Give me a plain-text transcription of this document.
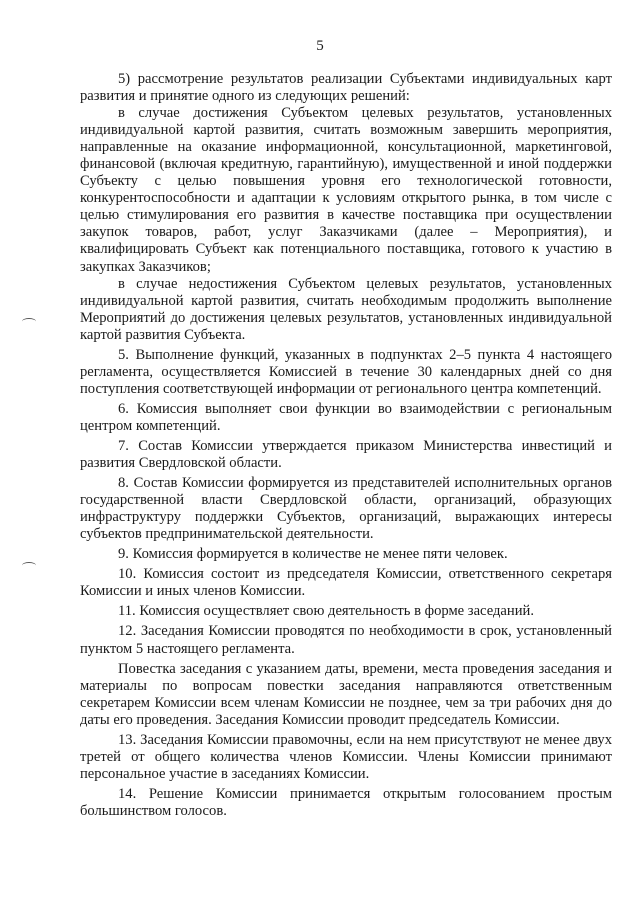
5

5) рассмотрение результатов реализации Субъектами индивидуальных карт развития и принятие одного из следующих решений:

в случае достижения Субъектом целевых результатов, установленных индивидуальной картой развития, считать возможным завершить мероприятия, направленные на оказание информационной, консультационной, маркетинговой, финансовой (включая кредитную, гарантийную), имущественной и иной поддержки Субъекту с целью повышения уровня его технологической готовности, конкурентоспособности и адаптации к условиям открытого рынка, в том числе с целью стимулирования его развития в качестве поставщика при осуществлении закупок товаров, работ, услуг Заказчиками (далее – Мероприятия), и квалифицировать Субъект как потенциального поставщика, готового к участию в закупках Заказчиков;

в случае недостижения Субъектом целевых результатов, установленных индивидуальной картой развития, считать необходимым продолжить выполнение Мероприятий до достижения целевых результатов, установленных индивидуальной картой развития Субъекта.

5. Выполнение функций, указанных в подпунктах 2–5 пункта 4 настоящего регламента, осуществляется Комиссией в течение 30 календарных дней со дня поступления соответствующей информации от регионального центра компетенций.

6. Комиссия выполняет свои функции во взаимодействии с региональным центром компетенций.

7. Состав Комиссии утверждается приказом Министерства инвестиций и развития Свердловской области.

8. Состав Комиссии формируется из представителей исполнительных органов государственной власти Свердловской области, организаций, образующих инфраструктуру поддержки Субъектов, организаций, выражающих интересы субъектов предпринимательской деятельности.

9. Комиссия формируется в количестве не менее пяти человек.

10. Комиссия состоит из председателя Комиссии, ответственного секретаря Комиссии и иных членов Комиссии.

11. Комиссия осуществляет свою деятельность в форме заседаний.

12. Заседания Комиссии проводятся по необходимости в срок, установленный пунктом 5 настоящего регламента.

Повестка заседания с указанием даты, времени, места проведения заседания и материалы по вопросам повестки заседания направляются ответственным секретарем Комиссии всем членам Комиссии не позднее, чем за три рабочих дня до даты его проведения. Заседания Комиссии проводит председатель Комиссии.

13. Заседания Комиссии правомочны, если на нем присутствуют не менее двух третей от общего количества членов Комиссии. Члены Комиссии принимают персональное участие в заседаниях Комиссии.

14. Решение Комиссии принимается открытым голосованием простым большинством голосов.
